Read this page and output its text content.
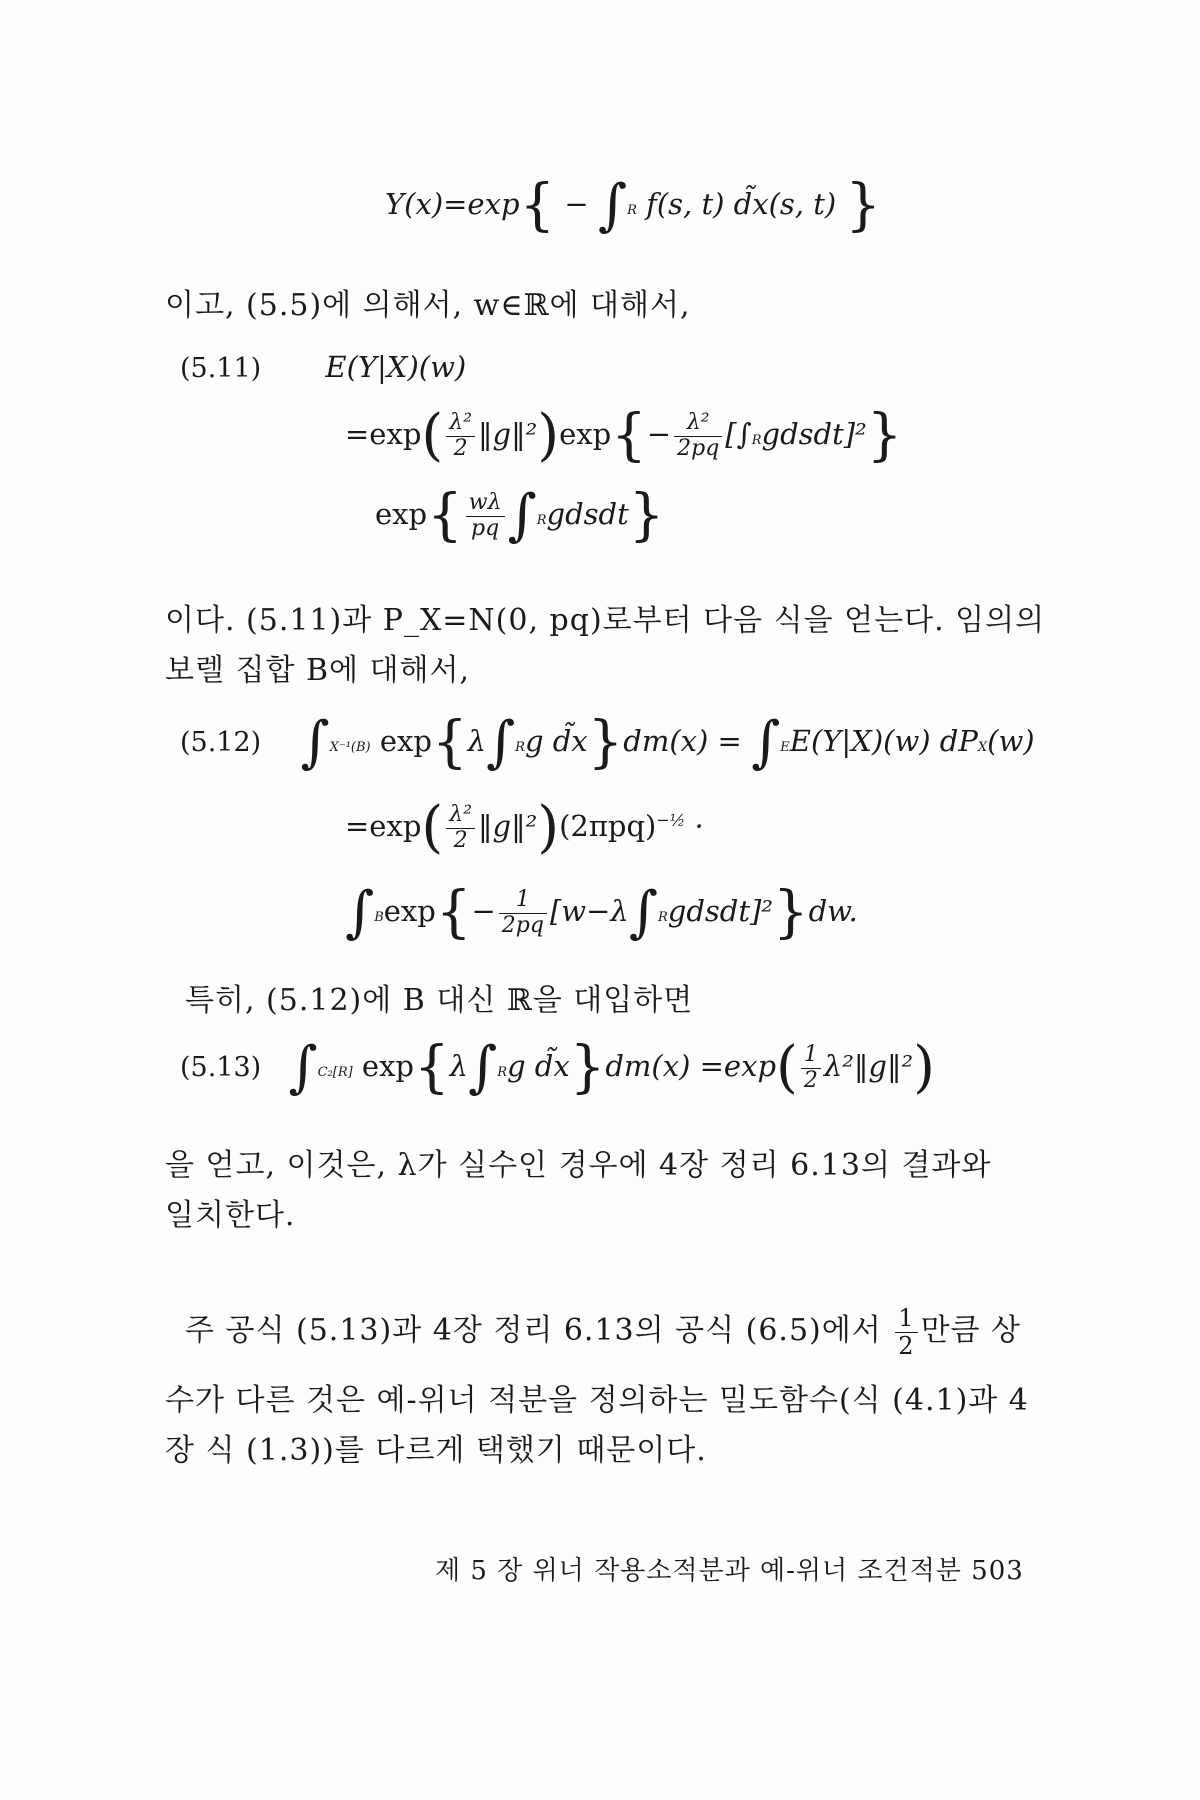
Y(x)=exp{ − ∫R f(s, t) d̃x(s, t) }
이고, (5.5)에 의해서, w∈ℝ에 대해서,
(5.11) E(Y|X)(w)
$=\exp( \frac{\text{λ²}}{2}$ ‖g‖²)exp{− $\frac{\text{λ²}}{2pq}$ [∫Rgdsdt]²}
$\exp\{ \frac{w\lambda}{pq}$ ∫Rgdsdt}
이다. (5.11)과 P_X=N(0, pq)로부터 다음 식을 얻는다. 임의의
보렐 집합 B에 대해서,
(5.12) ∫X⁻¹(B) exp{λ∫Rg d̃x}dm(x) = ∫EE(Y|X)(w) dPX(w)
$=\exp( \frac{\text{λ²}}{2}$ $‖g‖^2)(2\pi pq)^{-\frac{1}{2}}$ ·
$\int Bexp\{- \frac{1}{2pq}$ [w−λ∫Rgdsdt]²}dw.
특히, (5.12)에 B 대신 ℝ을 대입하면
(5.13) ∫C₂[R] exp{λ∫Rg d̃x}dm(x) $=\exp( \frac{1}{2}$ λ²‖g‖²)
을 얻고, 이것은, λ가 실수인 경우에 4장 정리 6.13의 결과와
일치한다.
주 공식 (5.13)과 4장 정리 6.13의 공식 (6.5)에서 $\frac{1}{2}$ 만큼 상
수가 다른 것은 예-위너 적분을 정의하는 밀도함수(식 (4.1)과 4
장 식 (1.3))를 다르게 택했기 때문이다.
제 5 장 위너 작용소적분과 예-위너 조건적분 503
